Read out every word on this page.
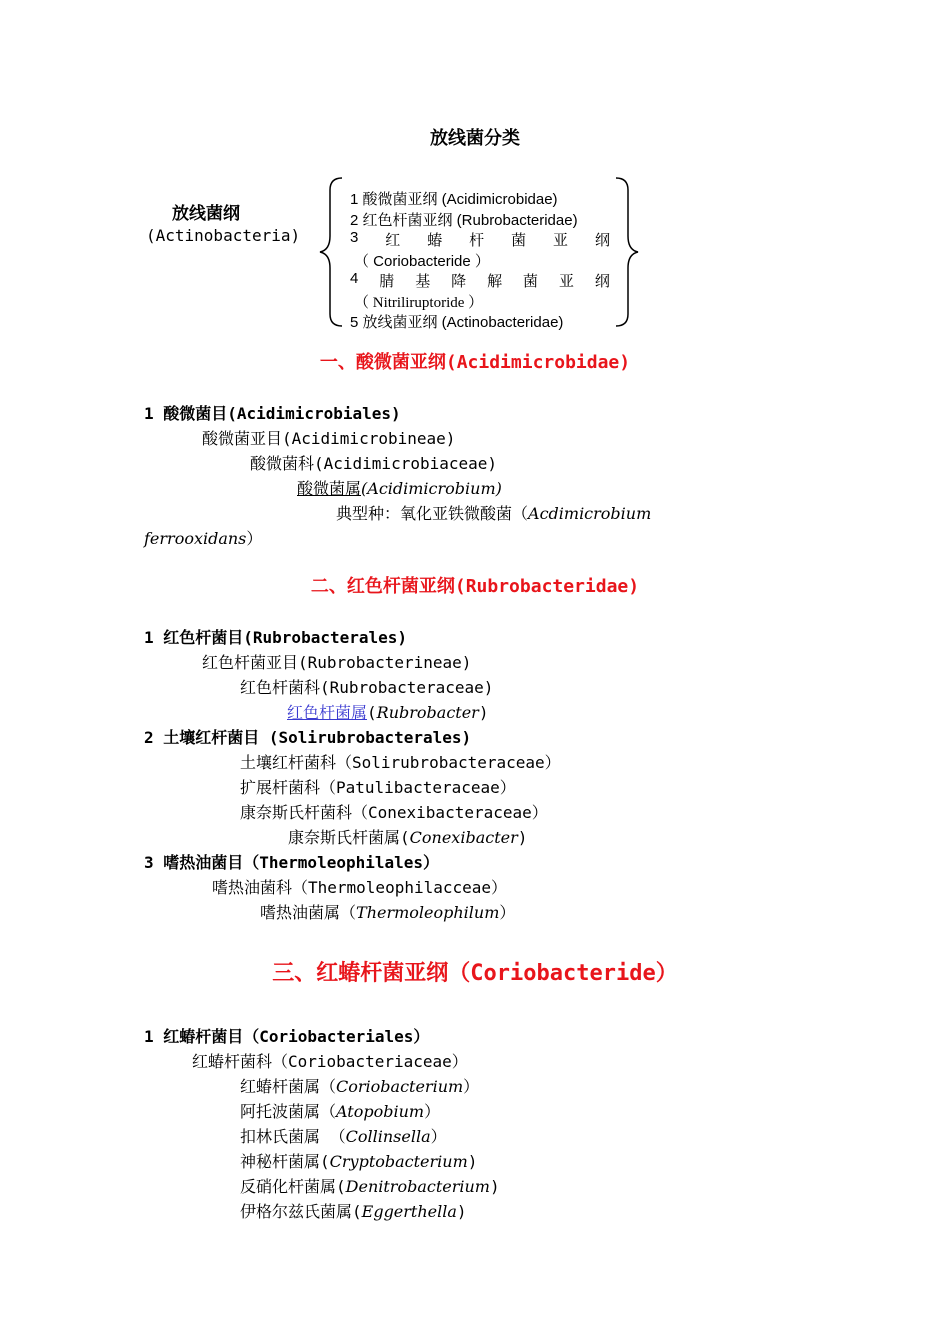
放线菌分类
放线菌纲
(Actinobacteria)
1 酸微菌亚纲 (Acidimicrobidae)
2 红色杆菌亚纲 (Rubrobacteridae)
3 红 蝽 杆 菌 亚 纲
（ Coriobacteride ）
4 腈 基 降 解 菌 亚 纲
（ Nitriliruptoride ）
5 放线菌亚纲 (Actinobacteridae)
一、酸微菌亚纲(Acidimicrobidae)
1 酸微菌目(Acidimicrobiales)
酸微菌亚目(Acidimicrobineae)
酸微菌科(Acidimicrobiaceae)
酸微菌属(Acidimicrobium)
典型种：氧化亚铁微酸菌（Acdimicrobium
ferrooxidans）
二、红色杆菌亚纲(Rubrobacteridae)
1 红色杆菌目(Rubrobacterales)
红色杆菌亚目(Rubrobacterineae)
红色杆菌科(Rubrobacteraceae)
红色杆菌属(Rubrobacter)
2 土壤红杆菌目 (Solirubrobacterales)
土壤红杆菌科（Solirubrobacteraceae）
扩展杆菌科（Patulibacteraceae）
康奈斯氏杆菌科（Conexibacteraceae）
康奈斯氏杆菌属(Conexibacter)
3 嗜热油菌目（Thermoleophilales）
嗜热油菌科（Thermoleophilacceae）
嗜热油菌属（Thermoleophilum）
三、红蝽杆菌亚纲（Coriobacteride）
1 红蝽杆菌目（Coriobacteriales）
红蝽杆菌科（Coriobacteriaceae）
红蝽杆菌属（Coriobacterium）
阿托波菌属（Atopobium）
扣林氏菌属 （Collinsella）
神秘杆菌属(Cryptobacterium)
反硝化杆菌属(Denitrobacterium)
伊格尔兹氏菌属(Eggerthella)
